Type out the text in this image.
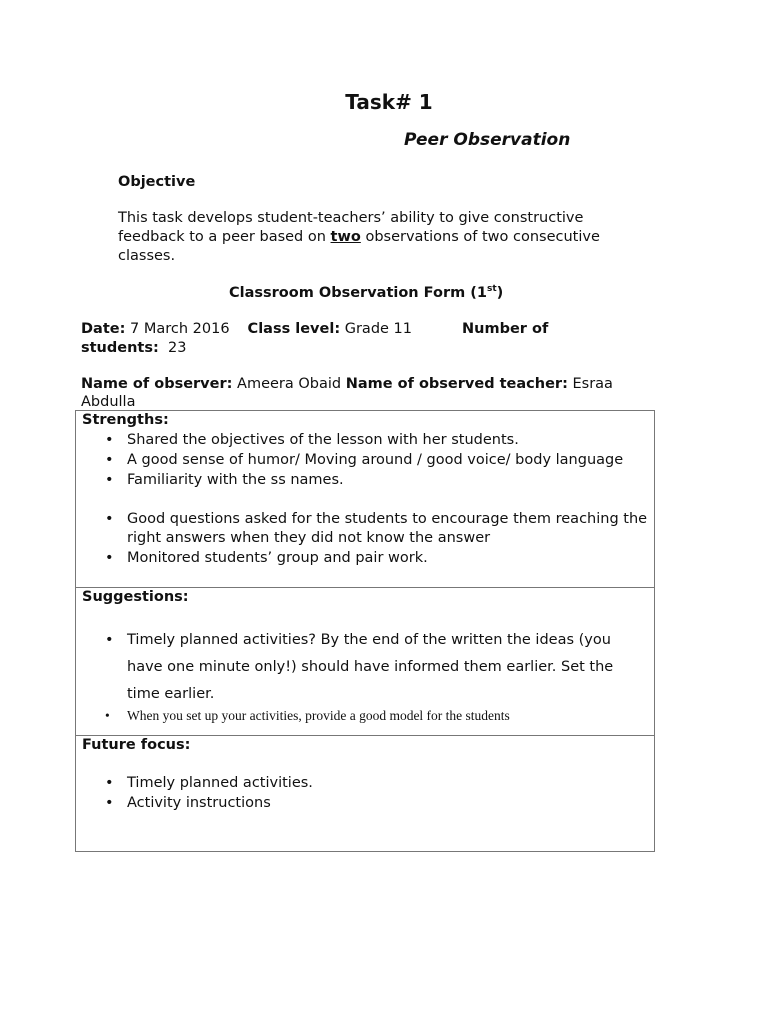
Task# 1
Peer Observation
Objective
This task develops student-teachers’ ability to give constructive feedback to a peer based on two observations of two consecutive classes.
Classroom Observation Form (1st)
Date: 7 March 2016 Class level: Grade 11	Number of
students: 23
Name of observer: Ameera Obaid Name of observed teacher: Esraa Abdulla
Strengths:
• Shared the objectives of the lesson with her students.
• A good sense of humor/ Moving around / good voice/ body language
• Familiarity with the ss names.
• Good questions asked for the students to encourage them reaching the right answers when they did not know the answer
• Monitored students’ group and pair work.
Suggestions:
• Timely planned activities? By the end of the written the ideas (you have one minute only!) should have informed them earlier. Set the time earlier.
• When you set up your activities, provide a good model for the students
Future focus:
• Timely planned activities.
• Activity instructions
